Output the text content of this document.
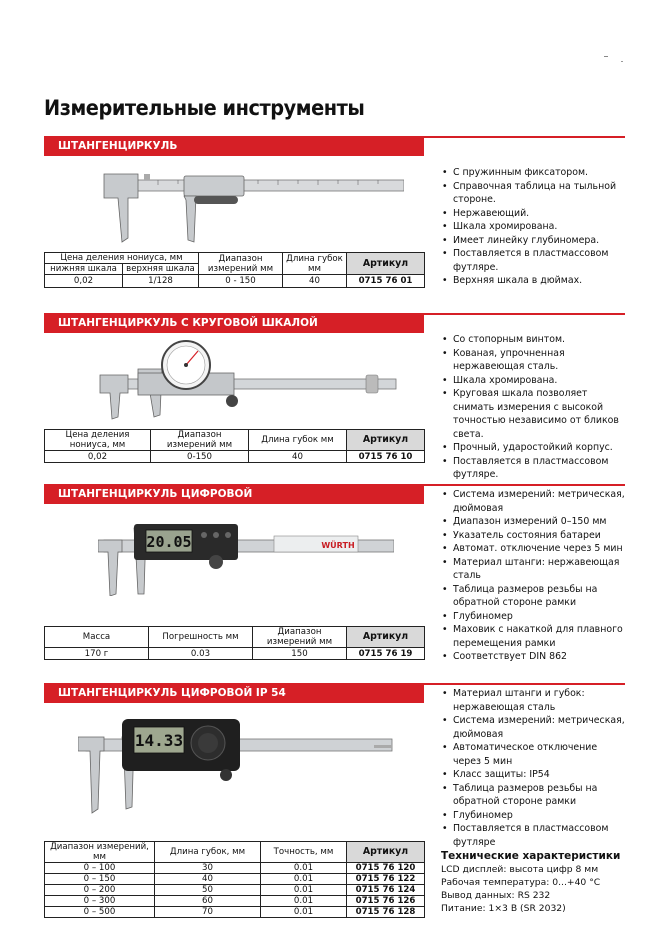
Измерительные инструменты
ШТАНГЕНЦИРКУЛЬ
• С пружинным фиксатором.
• Справочная таблица на тыльной стороне.
• Нержавеющий.
• Шкала хромирована.
• Имеет линейку глубиномера.
• Поставляется в пластмассовом футляре.
• Верхняя шкала в дюймах.
Цена деления нониуса, мм		Диапазон измерений мм	Длина губок мм	Артикул
нижняя шкала	верхняя шкала			
0,02	1/128	0 - 150	40	0715 76 01
ШТАНГЕНЦИРКУЛЬ С КРУГОВОЙ ШКАЛОЙ
• Со стопорным винтом.
• Кованая, упрочненная нержавеющая сталь.
• Шкала хромирована.
• Круговая шкала позволяет снимать измерения с высокой точностью независимо от бликов света.
• Прочный, ударостойкий корпус.
• Поставляется в пластмассовом футляре.
Цена деления нониуса, мм	Диапазон измерений мм	Длина губок мм	Артикул
0,02	0-150	40	0715 76 10
ШТАНГЕНЦИРКУЛЬ ЦИФРОВОЙ
20.05	WÜRTH
• Система измерений: метрическая, дюймовая
• Диапазон измерений 0–150 мм
• Указатель состояния батареи
• Автомат. отключение через 5 мин
• Материал штанги: нержавеющая сталь
• Таблица размеров резьбы на обратной стороне рамки
• Глубиномер
• Маховик с накаткой для плавного перемещения рамки
• Соответствует DIN 862
Масса	Погрешность мм	Диапазон измерений мм	Артикул
170 г	0.03	150	0715 76 19
ШТАНГЕНЦИРКУЛЬ ЦИФРОВОЙ IP 54
14.33
• Материал штанги и губок: нержавеющая сталь
• Система измерений: метрическая, дюймовая
• Автоматическое отключение через 5 мин
• Класс защиты: IP54
• Таблица размеров резьбы на обратной стороне рамки
• Глубиномер
• Поставляется в пластмассовом футляре
Технические характеристики
LCD дисплей: высота цифр 8 мм
Рабочая температура: 0...+40 °С
Вывод данных: RS 232
Питание: 1×3 В (SR 2032)
Диапазон измерений, мм	Длина губок, мм	Точность, мм	Артикул
0 – 100	30	0.01	0715 76 120
0 – 150	40	0.01	0715 76 122
0 – 200	50	0.01	0715 76 124
0 – 300	60	0.01	0715 76 126
0 – 500	70	0.01	0715 76 128
